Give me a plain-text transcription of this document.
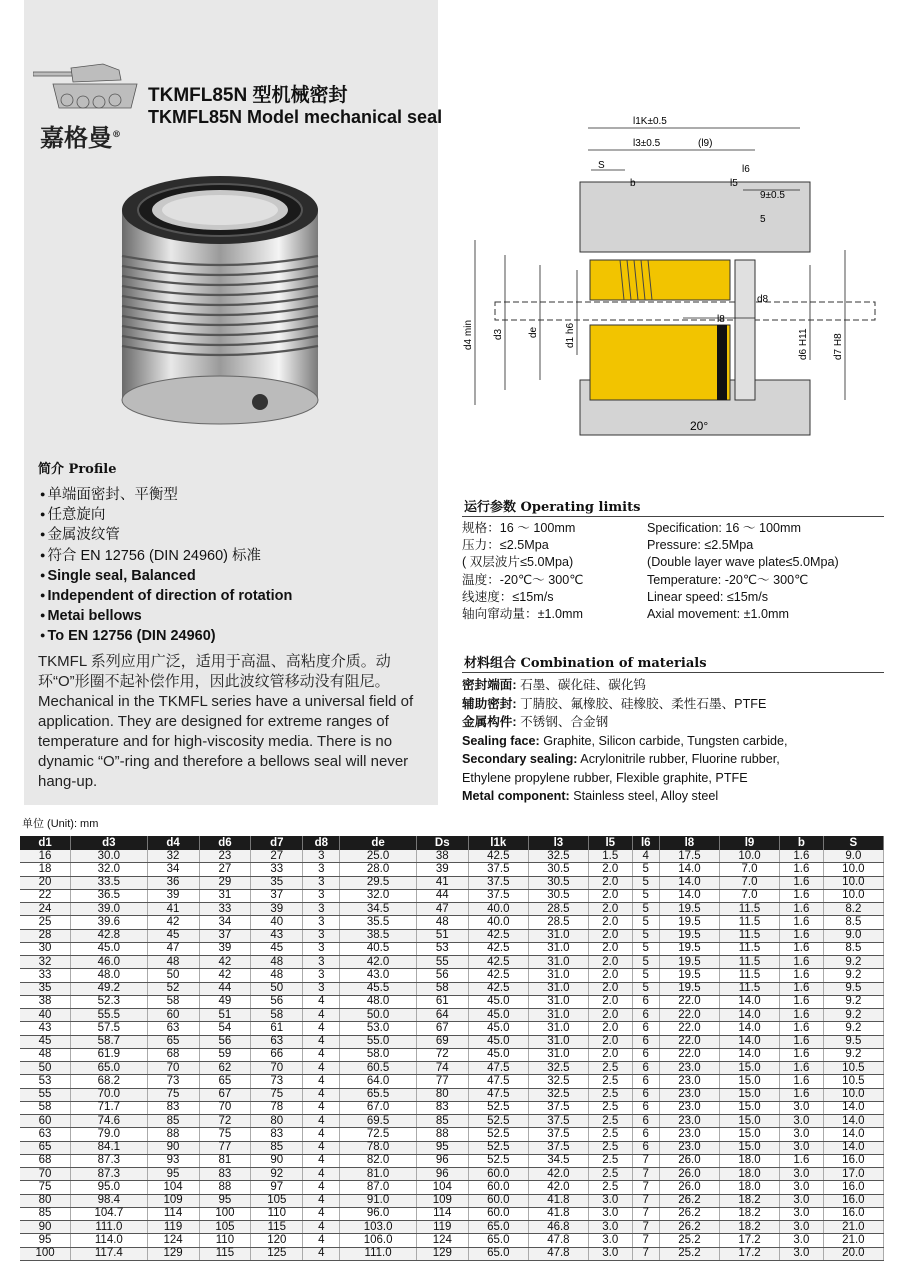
嘉格曼®
TKMFL85N 型机械密封
TKMFL85N Model mechanical seal
简介 Profile
● 单端面密封、平衡型
● 任意旋向
● 金属波纹管
● 符合 EN 12756 (DIN 24960) 标准
● Single seal, Balanced
● Independent of direction of rotation
● Metai bellows
● To EN 12756 (DIN 24960)
TKMFL 系列应用广泛，适用于高温、高粘度介质。动环“O”形圈不起补偿作用，因此波纹管移动没有阻尼。
Mechanical in the TKMFL series have a universal field of application. They are designed for extreme ranges of temperature and for high-viscosity media. There is no dynamic “O”-ring and therefore a bellows seal will never hang-up.
l1K±0.5
l3±0.5	(l9)
S
b
l6
l5
9±0.5
5
d8
l8
d4 min d3 de	d1 h6	d6 H11 d7 H8
20°
运行参数 Operating limits
规格：16 ～ 100mm
压力：≤2.5Mpa
( 双层波片≤5.0Mpa)
温度：-20℃～ 300℃
线速度：≤15m/s
轴向窜动量：±1.0mm
Specification: 16 ～ 100mm
Pressure: ≤2.5Mpa
(Double layer wave plate≤5.0Mpa)
Temperature: -20℃～ 300℃
Linear speed: ≤15m/s
Axial movement: ±1.0mm
材料组合 Combination of materials
密封端面: 石墨、碳化硅、碳化钨
辅助密封: 丁腈胶、氟橡胶、硅橡胶、柔性石墨、PTFE
金属构件: 不锈钢、合金钢
Sealing face: Graphite, Silicon carbide, Tungsten carbide,
Secondary sealing: Acrylonitrile rubber, Fluorine rubber,
Ethylene propylene rubber, Flexible graphite, PTFE
Metal component: Stainless steel, Alloy steel
单位 (Unit): mm
d1	d3	d4	d6	d7	d8	de	Ds	l1k	l3	l5	l6	l8	l9	b	S
16	30.0	32	23	27	3	25.0	38	42.5	32.5	1.5	4	17.5	10.0	1.6	9.0
18	32.0	34	27	33	3	28.0	39	37.5	30.5	2.0	5	14.0	7.0	1.6	10.0
20	33.5	36	29	35	3	29.5	41	37.5	30.5	2.0	5	14.0	7.0	1.6	10.0
22	36.5	39	31	37	3	32.0	44	37.5	30.5	2.0	5	14.0	7.0	1.6	10.0
24	39.0	41	33	39	3	34.5	47	40.0	28.5	2.0	5	19.5	11.5	1.6	8.2
25	39.6	42	34	40	3	35.5	48	40.0	28.5	2.0	5	19.5	11.5	1.6	8.5
28	42.8	45	37	43	3	38.5	51	42.5	31.0	2.0	5	19.5	11.5	1.6	9.0
30	45.0	47	39	45	3	40.5	53	42.5	31.0	2.0	5	19.5	11.5	1.6	8.5
32	46.0	48	42	48	3	42.0	55	42.5	31.0	2.0	5	19.5	11.5	1.6	9.2
33	48.0	50	42	48	3	43.0	56	42.5	31.0	2.0	5	19.5	11.5	1.6	9.2
35	49.2	52	44	50	3	45.5	58	42.5	31.0	2.0	5	19.5	11.5	1.6	9.5
38	52.3	58	49	56	4	48.0	61	45.0	31.0	2.0	6	22.0	14.0	1.6	9.2
40	55.5	60	51	58	4	50.0	64	45.0	31.0	2.0	6	22.0	14.0	1.6	9.2
43	57.5	63	54	61	4	53.0	67	45.0	31.0	2.0	6	22.0	14.0	1.6	9.2
45	58.7	65	56	63	4	55.0	69	45.0	31.0	2.0	6	22.0	14.0	1.6	9.5
48	61.9	68	59	66	4	58.0	72	45.0	31.0	2.0	6	22.0	14.0	1.6	9.2
50	65.0	70	62	70	4	60.5	74	47.5	32.5	2.5	6	23.0	15.0	1.6	10.5
53	68.2	73	65	73	4	64.0	77	47.5	32.5	2.5	6	23.0	15.0	1.6	10.5
55	70.0	75	67	75	4	65.5	80	47.5	32.5	2.5	6	23.0	15.0	1.6	10.0
58	71.7	83	70	78	4	67.0	83	52.5	37.5	2.5	6	23.0	15.0	3.0	14.0
60	74.6	85	72	80	4	69.5	85	52.5	37.5	2.5	6	23.0	15.0	3.0	14.0
63	79.0	88	75	83	4	72.5	88	52.5	37.5	2.5	6	23.0	15.0	3.0	14.0
65	84.1	90	77	85	4	78.0	95	52.5	37.5	2.5	6	23.0	15.0	3.0	14.0
68	87.3	93	81	90	4	82.0	96	52.5	34.5	2.5	7	26.0	18.0	1.6	16.0
70	87.3	95	83	92	4	81.0	96	60.0	42.0	2.5	7	26.0	18.0	3.0	17.0
75	95.0	104	88	97	4	87.0	104	60.0	42.0	2.5	7	26.0	18.0	3.0	16.0
80	98.4	109	95	105	4	91.0	109	60.0	41.8	3.0	7	26.2	18.2	3.0	16.0
85	104.7	114	100	110	4	96.0	114	60.0	41.8	3.0	7	26.2	18.2	3.0	16.0
90	111.0	119	105	115	4	103.0	119	65.0	46.8	3.0	7	26.2	18.2	3.0	21.0
95	114.0	124	110	120	4	106.0	124	65.0	47.8	3.0	7	25.2	17.2	3.0	21.0
100	117.4	129	115	125	4	111.0	129	65.0	47.8	3.0	7	25.2	17.2	3.0	20.0
